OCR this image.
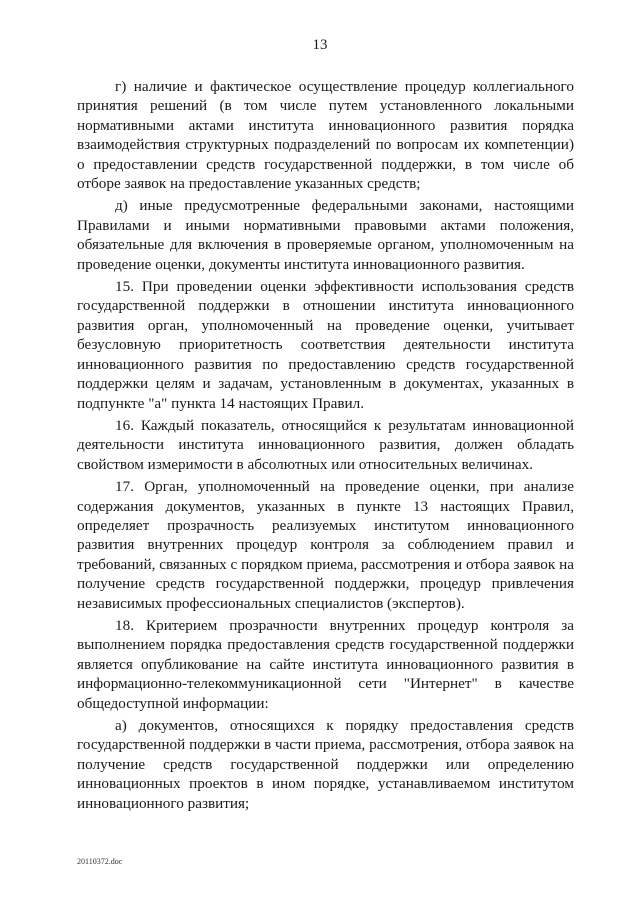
13

г) наличие и фактическое осуществление процедур коллегиального принятия решений (в том числе путем установленного локальными нормативными актами института инновационного развития порядка взаимодействия структурных подразделений по вопросам их компетенции) о предоставлении средств государственной поддержки, в том числе об отборе заявок на предоставление указанных средств;

д) иные предусмотренные федеральными законами, настоящими Правилами и иными нормативными правовыми актами положения, обязательные для включения в проверяемые органом, уполномоченным на проведение оценки, документы института инновационного развития.

15. При проведении оценки эффективности использования средств государственной поддержки в отношении института инновационного развития орган, уполномоченный на проведение оценки, учитывает безусловную приоритетность соответствия деятельности института инновационного развития по предоставлению средств государственной поддержки целям и задачам, установленным в документах, указанных в подпункте "а" пункта 14 настоящих Правил.

16. Каждый показатель, относящийся к результатам инновационной деятельности института инновационного развития, должен обладать свойством измеримости в абсолютных или относительных величинах.

17. Орган, уполномоченный на проведение оценки, при анализе содержания документов, указанных в пункте 13 настоящих Правил, определяет прозрачность реализуемых институтом инновационного развития внутренних процедур контроля за соблюдением правил и требований, связанных с порядком приема, рассмотрения и отбора заявок на получение средств государственной поддержки, процедур привлечения независимых профессиональных специалистов (экспертов).

18. Критерием прозрачности внутренних процедур контроля за выполнением порядка предоставления средств государственной поддержки является опубликование на сайте института инновационного развития в информационно-телекоммуникационной сети "Интернет" в качестве общедоступной информации:

а) документов, относящихся к порядку предоставления средств государственной поддержки в части приема, рассмотрения, отбора заявок на получение средств государственной поддержки или определению инновационных проектов в ином порядке, устанавливаемом институтом инновационного развития;

20110372.doc
